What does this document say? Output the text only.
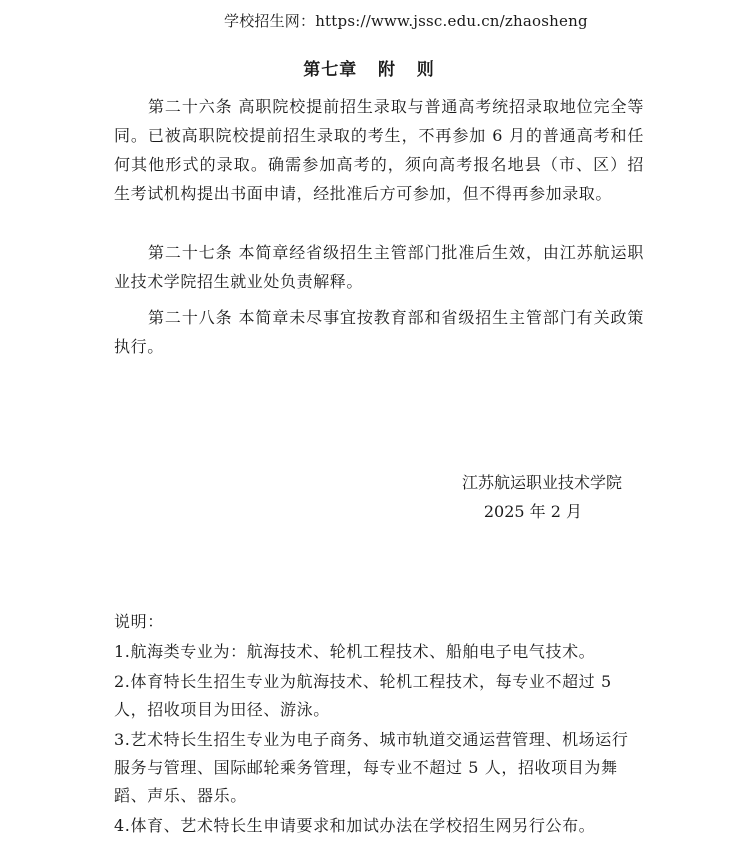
学校招生网：https://www.jssc.edu.cn/zhaosheng
第七章   附   则
第二十六条 高职院校提前招生录取与普通高考统招录取地位完全等同。已被高职院校提前招生录取的考生，不再参加 6 月的普通高考和任何其他形式的录取。确需参加高考的，须向高考报名地县（市、区）招生考试机构提出书面申请，经批准后方可参加，但不得再参加录取。
第二十七条 本简章经省级招生主管部门批准后生效，由江苏航运职业技术学院招生就业处负责解释。
第二十八条 本简章未尽事宜按教育部和省级招生主管部门有关政策执行。
江苏航运职业技术学院
2025 年 2 月
说明：
1.航海类专业为：航海技术、轮机工程技术、船舶电子电气技术。
2.体育特长生招生专业为航海技术、轮机工程技术，每专业不超过 5 人，招收项目为田径、游泳。
3.艺术特长生招生专业为电子商务、城市轨道交通运营管理、机场运行服务与管理、国际邮轮乘务管理，每专业不超过 5 人，招收项目为舞蹈、声乐、器乐。
4.体育、艺术特长生申请要求和加试办法在学校招生网另行公布。
